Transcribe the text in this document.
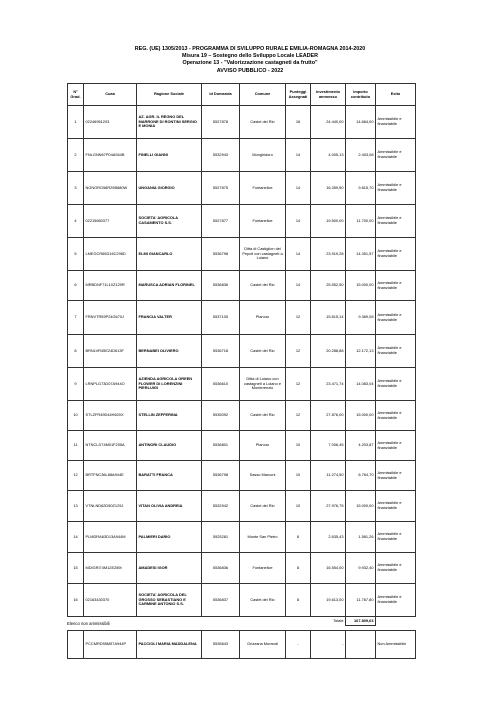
REG. (UE) 1305/2013 - PROGRAMMA DI SVILUPPO RURALE EMILIA-ROMAGNA 2014-2020
Misura 19 – Sostegno dello Sviluppo Locale LEADER
Operazione 13 - "Valorizzazione castagneti da frutto"
AVVISO PUBBLICO - 2022
N° Grad.	Cuaa	Ragione Sociale	Id Domanda	Comune	Punteggi Assegnati	Investimento ammesso	Importo contributo	Esito
1	02246951203	AZ. AGR. IL REGNO DEL MARRONE DI RONTINI SERGIO E MONIA	5527878	Castel del Rio	16	24.440,00	14.664,00	Ammissibile e finanziabile
2	FNLGNN67P04A944B	FINELLI GIANNI	5532943	Monghidoro	14	4.005,13	2.403,08	Ammissibile e finanziabile
3	NGNGRG58R29B880W	UNGANIA GIORGIO	5527875	Fontanelice	14	16.359,50	9.815,70	Ammissibile e finanziabile
4	02215660377	SOCIETA' AGRICOLA CASAMENTO S.S.	5527877	Fontanelice	14	19.500,00	11.700,00	Ammissibile e finanziabile
5	LMEGCR65D16C296D	ELMI GIANCARLO	5536798	Ditta di Castiglion dei Pepoli con castagneti a Loiano	14	23.919,28	14.351,57	Ammissibile e finanziabile
6	MRBDNF71L10Z129R	MARUSCA ADRIAN FLORINEL	5536836	Castel del Rio	14	25.552,50	15.000,00	Ammissibile e finanziabile
7	FRNVTR59P24G670J	FRANCIA VALTER	5537105	Pianoro	12	15.615,14	9.369,08	Ammissibile e finanziabile
8	BRNLVR45E24D613F	BERNABEI OLIVIERO	5536718	Castel del Rio	12	20.288,88	12.172,13	Ammissibile e finanziabile
9	LRNPLG73D07A944O	AZIENDA AGRICOLA GREEN FLOWER DI LORENZINI PIERLUIGI	5536610	Ditta di Loiano con castagneti a Loiano e Monterenzio	12	23.471,74	14.083,04	Ammissibile e finanziabile
10	STLZFR49D44H620X	STELLIN ZEFFERINA	5535092	Castel del Rio	12	27.876,00	15.000,00	Ammissibile e finanziabile
11	NTNCLD74M01F205A	ANTINORI CLAUDIO	5536801	Pianoro	10	7.006,45	4.203,87	Ammissibile e finanziabile
12	BRTFNC36L68A944E	BARATTI FRANCA	5536798	Sasso Marconi	10	11.274,50	6.764,70	Ammissibile e finanziabile
13	VTNLND62D50Z129J	VITAN OLIVIA ANDREIA	5532942	Castel del Rio	10	27.976,75	15.000,00	Ammissibile e finanziabile
14	PLMDRA63D13A944M	PALMIERI DARIO	5525281	Monte San Pietro	8	2.635,43	1.581,26	Ammissibile e finanziabile
15	MDIGRI74M12E289I	AMADESI IGOR	5536836	Fontanelice	8	16.554,00	9.932,40	Ammissibile e finanziabile
16	02163430370	SOCIETA' AGRICOLA DEL GROSSO SEBASTIANO E CARMINE ANTONIO S.S.	5536837	Castel del Rio	8	19.613,00	11.767,80	Ammissibile e finanziabile
						Totale	167.809,63	
Elenco non ammissibili
	PCCMRD55M57A944P	PACCIOLI MARIA MADDALENA	5535643	Grizzana Morandi	-	-		Non Ammissibile
